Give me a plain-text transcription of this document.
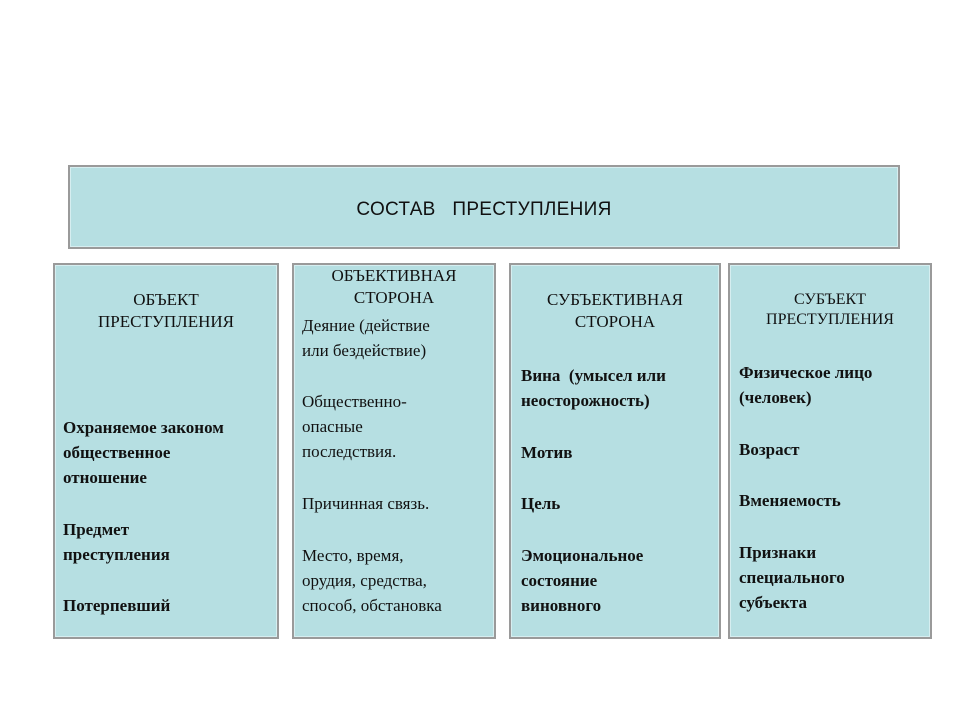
СОСТАВ   ПРЕСТУПЛЕНИЯ
ОБЪЕКТ
ПРЕСТУПЛЕНИЯ
Охраняемое законом
общественное
отношение
Предмет
преступления
Потерпевший
ОБЪЕКТИВНАЯ
СТОРОНА
Деяние (действие
или бездействие)
Общественно-
опасные
последствия.
Причинная связь.
Место, время,
орудия, средства,
способ, обстановка
СУБЪЕКТИВНАЯ
СТОРОНА
Вина  (умысел или
неосторожность)
Мотив
Цель
Эмоциональное
состояние
виновного
СУБЪЕКТ
ПРЕСТУПЛЕНИЯ
Физическое лицо
(человек)
Возраст
Вменяемость
Признаки
специального
субъекта
